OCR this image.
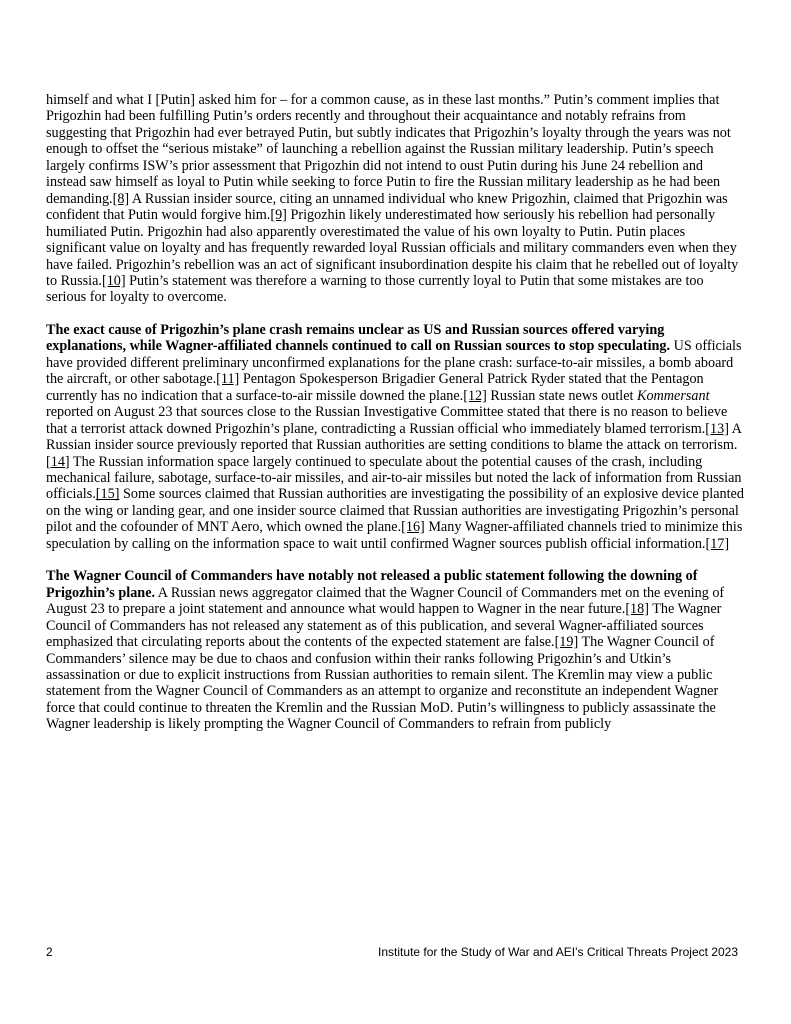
himself and what I [Putin] asked him for – for a common cause, as in these last months.” Putin’s comment implies that Prigozhin had been fulfilling Putin’s orders recently and throughout their acquaintance and notably refrains from suggesting that Prigozhin had ever betrayed Putin, but subtly indicates that Prigozhin’s loyalty through the years was not enough to offset the “serious mistake” of launching a rebellion against the Russian military leadership. Putin’s speech largely confirms ISW’s prior assessment that Prigozhin did not intend to oust Putin during his June 24 rebellion and instead saw himself as loyal to Putin while seeking to force Putin to fire the Russian military leadership as he had been demanding.[8] A Russian insider source, citing an unnamed individual who knew Prigozhin, claimed that Prigozhin was confident that Putin would forgive him.[9] Prigozhin likely underestimated how seriously his rebellion had personally humiliated Putin. Prigozhin had also apparently overestimated the value of his own loyalty to Putin. Putin places significant value on loyalty and has frequently rewarded loyal Russian officials and military commanders even when they have failed. Prigozhin’s rebellion was an act of significant insubordination despite his claim that he rebelled out of loyalty to Russia.[10] Putin’s statement was therefore a warning to those currently loyal to Putin that some mistakes are too serious for loyalty to overcome.

The exact cause of Prigozhin’s plane crash remains unclear as US and Russian sources offered varying explanations, while Wagner-affiliated channels continued to call on Russian sources to stop speculating. US officials have provided different preliminary unconfirmed explanations for the plane crash: surface-to-air missiles, a bomb aboard the aircraft, or other sabotage.[11] Pentagon Spokesperson Brigadier General Patrick Ryder stated that the Pentagon currently has no indication that a surface-to-air missile downed the plane.[12] Russian state news outlet Kommersant reported on August 23 that sources close to the Russian Investigative Committee stated that there is no reason to believe that a terrorist attack downed Prigozhin’s plane, contradicting a Russian official who immediately blamed terrorism.[13] A Russian insider source previously reported that Russian authorities are setting conditions to blame the attack on terrorism.[14] The Russian information space largely continued to speculate about the potential causes of the crash, including mechanical failure, sabotage, surface-to-air missiles, and air-to-air missiles but noted the lack of information from Russian officials.[15] Some sources claimed that Russian authorities are investigating the possibility of an explosive device planted on the wing or landing gear, and one insider source claimed that Russian authorities are investigating Prigozhin’s personal pilot and the cofounder of MNT Aero, which owned the plane.[16] Many Wagner-affiliated channels tried to minimize this speculation by calling on the information space to wait until confirmed Wagner sources publish official information.[17]

The Wagner Council of Commanders have notably not released a public statement following the downing of Prigozhin’s plane. A Russian news aggregator claimed that the Wagner Council of Commanders met on the evening of August 23 to prepare a joint statement and announce what would happen to Wagner in the near future.[18] The Wagner Council of Commanders has not released any statement as of this publication, and several Wagner-affiliated sources emphasized that circulating reports about the contents of the expected statement are false.[19] The Wagner Council of Commanders’ silence may be due to chaos and confusion within their ranks following Prigozhin’s and Utkin’s assassination or due to explicit instructions from Russian authorities to remain silent. The Kremlin may view a public statement from the Wagner Council of Commanders as an attempt to organize and reconstitute an independent Wagner force that could continue to threaten the Kremlin and the Russian MoD. Putin’s willingness to publicly assassinate the Wagner leadership is likely prompting the Wagner Council of Commanders to refrain from publicly

2	Institute for the Study of War and AEI’s Critical Threats Project 2023
